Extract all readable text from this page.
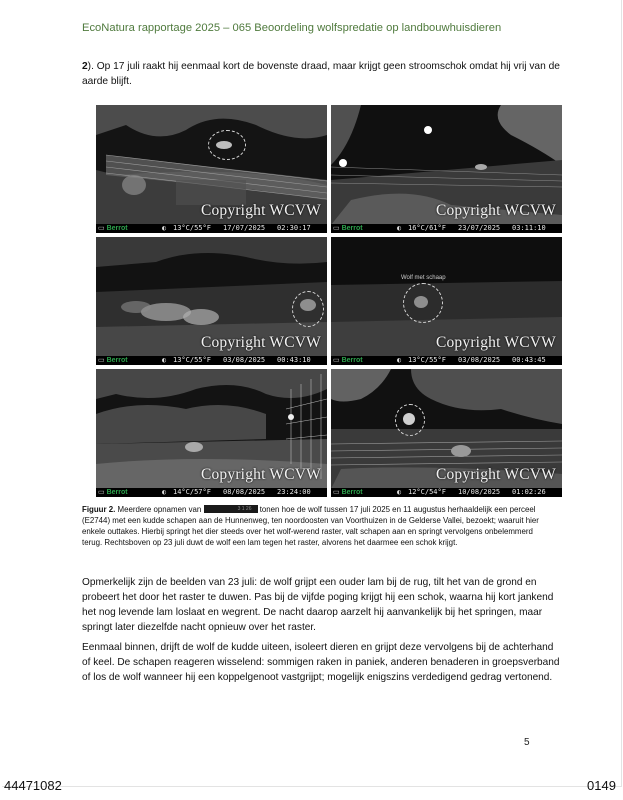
EcoNatura rapportage 2025 – 065 Beoordeling wolfspredatie op landbouwhuisdieren
2). Op 17 juli raakt hij eenmaal kort de bovenste draad, maar krijgt geen stroomschok omdat hij vrij van de aarde blijft.
Copyright WCVW
▭ Berrot	◐ 13°C/55°F 17/07/2025 02:30:17
Copyright WCVW
▭ Berrot	◐ 16°C/61°F 23/07/2025 03:11:10
Copyright WCVW
▭ Berrot	◐ 13°C/55°F 03/08/2025 00:43:10
Wolf met schaap
Copyright WCVW
▭ Berrot	◐ 13°C/55°F 03/08/2025 00:43:45
Copyright WCVW
▭ Berrot	◐ 14°C/57°F 08/08/2025 23:24:00
Copyright WCVW
▭ Berrot	◐ 12°C/54°F 10/08/2025 01:02:26
Figuur 2. Meerdere opnamen van	3 1 26 tonen hoe de wolf tussen 17 juli 2025 en 11 augustus herhaaldelijk een perceel (E2744) met een kudde schapen aan de Hunnenweg, ten noordoosten van Voorthuizen in de Gelderse Vallei, bezoekt; waaruit hier enkele outtakes. Hierbij springt het dier steeds over het wolf-werend raster, valt schapen aan en springt vervolgens onbelemmerd terug. Rechtsboven op 23 juli duwt de wolf een lam tegen het raster, alvorens het daarmee een schok krijgt.
Opmerkelijk zijn de beelden van 23 juli: de wolf grijpt een ouder lam bij de rug, tilt het van de grond en probeert het door het raster te duwen. Pas bij de vijfde poging krijgt hij een schok, waarna hij kort jankend het nog levende lam loslaat en wegrent. De nacht daarop aarzelt hij aanvankelijk bij het springen, maar springt later diezelfde nacht opnieuw over het raster.
Eenmaal binnen, drijft de wolf de kudde uiteen, isoleert dieren en grijpt deze vervolgens bij de achterhand of keel. De schapen reageren wisselend: sommigen raken in paniek, anderen benaderen in groepsverband of los de wolf wanneer hij een koppelgenoot vastgrijpt; mogelijk enigszins verdedigend gedrag vertonend.
5
44471082	0149
